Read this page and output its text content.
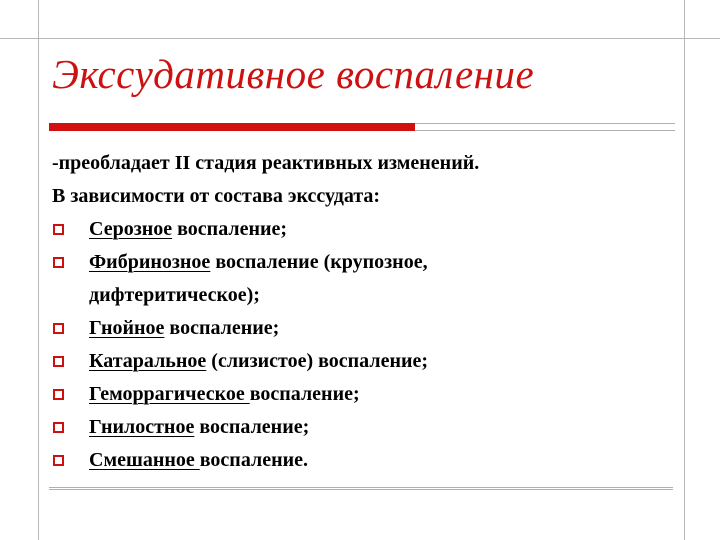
Экссудативное воспаление
-преобладает II стадия реактивных изменений.
В зависимости от состава экссудата:
Серозное воспаление;
Фибринозное воспаление (крупозное,
дифтеритическое);
Гнойное воспаление;
Катаральное (слизистое) воспаление;
Геморрагическое воспаление;
Гнилостное воспаление;
Смешанное воспаление.
